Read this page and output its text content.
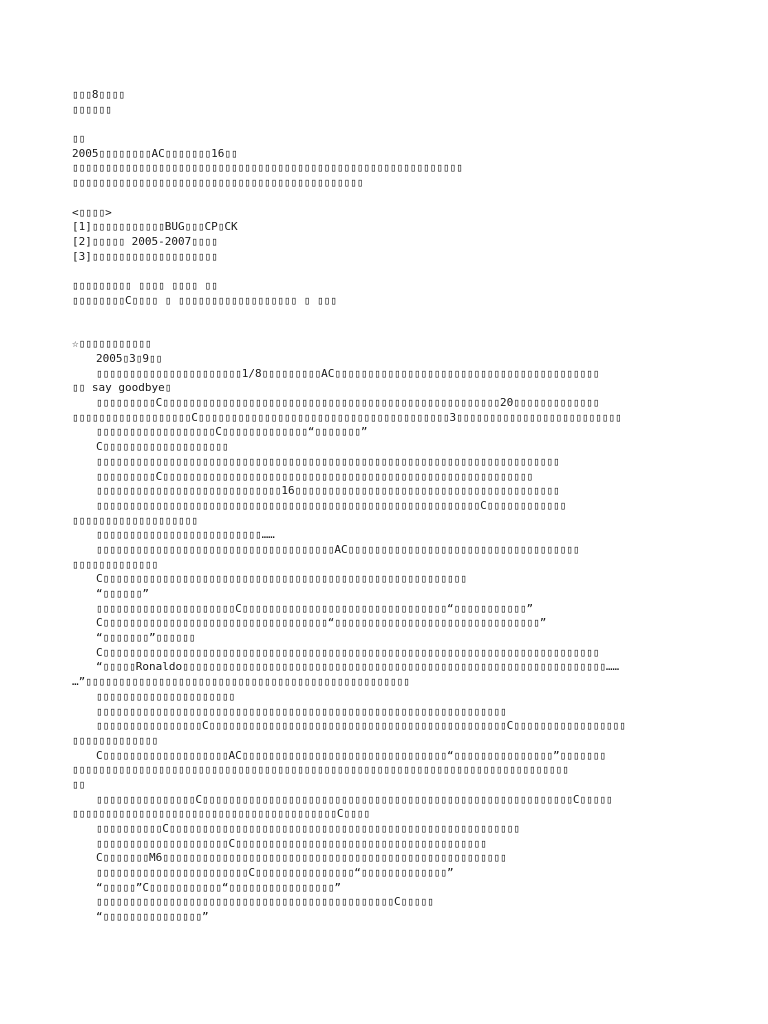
▯▯▯8▯▯▯▯
▯▯▯▯▯▯
▯▯
2005▯▯▯▯▯▯▯▯AC▯▯▯▯▯▯▯16▯▯
▯▯▯▯▯▯▯▯▯▯▯▯▯▯▯▯▯▯▯▯▯▯▯▯▯▯▯▯▯▯▯▯▯▯▯▯▯▯▯▯▯▯▯▯▯▯▯▯▯▯▯▯▯▯▯▯▯▯▯
▯▯▯▯▯▯▯▯▯▯▯▯▯▯▯▯▯▯▯▯▯▯▯▯▯▯▯▯▯▯▯▯▯▯▯▯▯▯▯▯▯▯▯▯
<▯▯▯▯>
[1]▯▯▯▯▯▯▯▯▯▯▯BUG▯▯▯CP▯CK
[2]▯▯▯▯▯ 2005-2007▯▯▯▯
[3]▯▯▯▯▯▯▯▯▯▯▯▯▯▯▯▯▯▯▯
▯▯▯▯▯▯▯▯▯ ▯▯▯▯ ▯▯▯▯ ▯▯
▯▯▯▯▯▯▯▯C▯▯▯▯ ▯ ▯▯▯▯▯▯▯▯▯▯▯▯▯▯▯▯▯▯ ▯ ▯▯▯
☆▯▯▯▯▯▯▯▯▯▯▯
2005▯3▯9▯▯
▯▯▯▯▯▯▯▯▯▯▯▯▯▯▯▯▯▯▯▯▯▯1/8▯▯▯▯▯▯▯▯▯AC▯▯▯▯▯▯▯▯▯▯▯▯▯▯▯▯▯▯▯▯▯▯▯▯▯▯▯▯▯▯▯▯▯▯▯▯▯▯▯▯
▯▯ say goodbye▯
▯▯▯▯▯▯▯▯▯C▯▯▯▯▯▯▯▯▯▯▯▯▯▯▯▯▯▯▯▯▯▯▯▯▯▯▯▯▯▯▯▯▯▯▯▯▯▯▯▯▯▯▯▯▯▯▯▯▯▯▯20▯▯▯▯▯▯▯▯▯▯▯▯▯
▯▯▯▯▯▯▯▯▯▯▯▯▯▯▯▯▯▯C▯▯▯▯▯▯▯▯▯▯▯▯▯▯▯▯▯▯▯▯▯▯▯▯▯▯▯▯▯▯▯▯▯▯▯▯▯▯3▯▯▯▯▯▯▯▯▯▯▯▯▯▯▯▯▯▯▯▯▯▯▯▯▯
▯▯▯▯▯▯▯▯▯▯▯▯▯▯▯▯▯▯C▯▯▯▯▯▯▯▯▯▯▯▯▯“▯▯▯▯▯▯▯”
C▯▯▯▯▯▯▯▯▯▯▯▯▯▯▯▯▯▯▯
▯▯▯▯▯▯▯▯▯▯▯▯▯▯▯▯▯▯▯▯▯▯▯▯▯▯▯▯▯▯▯▯▯▯▯▯▯▯▯▯▯▯▯▯▯▯▯▯▯▯▯▯▯▯▯▯▯▯▯▯▯▯▯▯▯▯▯▯▯▯
▯▯▯▯▯▯▯▯▯C▯▯▯▯▯▯▯▯▯▯▯▯▯▯▯▯▯▯▯▯▯▯▯▯▯▯▯▯▯▯▯▯▯▯▯▯▯▯▯▯▯▯▯▯▯▯▯▯▯▯▯▯▯▯▯▯
▯▯▯▯▯▯▯▯▯▯▯▯▯▯▯▯▯▯▯▯▯▯▯▯▯▯▯▯16▯▯▯▯▯▯▯▯▯▯▯▯▯▯▯▯▯▯▯▯▯▯▯▯▯▯▯▯▯▯▯▯▯▯▯▯▯▯▯▯
▯▯▯▯▯▯▯▯▯▯▯▯▯▯▯▯▯▯▯▯▯▯▯▯▯▯▯▯▯▯▯▯▯▯▯▯▯▯▯▯▯▯▯▯▯▯▯▯▯▯▯▯▯▯▯▯▯▯C▯▯▯▯▯▯▯▯▯▯▯▯
▯▯▯▯▯▯▯▯▯▯▯▯▯▯▯▯▯▯▯
▯▯▯▯▯▯▯▯▯▯▯▯▯▯▯▯▯▯▯▯▯▯▯▯▯……
▯▯▯▯▯▯▯▯▯▯▯▯▯▯▯▯▯▯▯▯▯▯▯▯▯▯▯▯▯▯▯▯▯▯▯▯AC▯▯▯▯▯▯▯▯▯▯▯▯▯▯▯▯▯▯▯▯▯▯▯▯▯▯▯▯▯▯▯▯▯▯▯
▯▯▯▯▯▯▯▯▯▯▯▯▯
C▯▯▯▯▯▯▯▯▯▯▯▯▯▯▯▯▯▯▯▯▯▯▯▯▯▯▯▯▯▯▯▯▯▯▯▯▯▯▯▯▯▯▯▯▯▯▯▯▯▯▯▯▯▯▯
“▯▯▯▯▯▯”
▯▯▯▯▯▯▯▯▯▯▯▯▯▯▯▯▯▯▯▯▯C▯▯▯▯▯▯▯▯▯▯▯▯▯▯▯▯▯▯▯▯▯▯▯▯▯▯▯▯▯▯▯“▯▯▯▯▯▯▯▯▯▯▯”
C▯▯▯▯▯▯▯▯▯▯▯▯▯▯▯▯▯▯▯▯▯▯▯▯▯▯▯▯▯▯▯▯▯▯“▯▯▯▯▯▯▯▯▯▯▯▯▯▯▯▯▯▯▯▯▯▯▯▯▯▯▯▯▯▯▯”
“▯▯▯▯▯▯▯”▯▯▯▯▯▯
C▯▯▯▯▯▯▯▯▯▯▯▯▯▯▯▯▯▯▯▯▯▯▯▯▯▯▯▯▯▯▯▯▯▯▯▯▯▯▯▯▯▯▯▯▯▯▯▯▯▯▯▯▯▯▯▯▯▯▯▯▯▯▯▯▯▯▯▯▯▯▯▯▯▯▯
“▯▯▯▯▯Ronaldo▯▯▯▯▯▯▯▯▯▯▯▯▯▯▯▯▯▯▯▯▯▯▯▯▯▯▯▯▯▯▯▯▯▯▯▯▯▯▯▯▯▯▯▯▯▯▯▯▯▯▯▯▯▯▯▯▯▯▯▯▯▯▯▯……
…”▯▯▯▯▯▯▯▯▯▯▯▯▯▯▯▯▯▯▯▯▯▯▯▯▯▯▯▯▯▯▯▯▯▯▯▯▯▯▯▯▯▯▯▯▯▯▯▯▯
▯▯▯▯▯▯▯▯▯▯▯▯▯▯▯▯▯▯▯▯▯
▯▯▯▯▯▯▯▯▯▯▯▯▯▯▯▯▯▯▯▯▯▯▯▯▯▯▯▯▯▯▯▯▯▯▯▯▯▯▯▯▯▯▯▯▯▯▯▯▯▯▯▯▯▯▯▯▯▯▯▯▯▯
▯▯▯▯▯▯▯▯▯▯▯▯▯▯▯▯C▯▯▯▯▯▯▯▯▯▯▯▯▯▯▯▯▯▯▯▯▯▯▯▯▯▯▯▯▯▯▯▯▯▯▯▯▯▯▯▯▯▯▯▯▯C▯▯▯▯▯▯▯▯▯▯▯▯▯▯▯▯▯
▯▯▯▯▯▯▯▯▯▯▯▯▯
C▯▯▯▯▯▯▯▯▯▯▯▯▯▯▯▯▯▯▯AC▯▯▯▯▯▯▯▯▯▯▯▯▯▯▯▯▯▯▯▯▯▯▯▯▯▯▯▯▯▯▯“▯▯▯▯▯▯▯▯▯▯▯▯▯▯▯”▯▯▯▯▯▯▯
▯▯▯▯▯▯▯▯▯▯▯▯▯▯▯▯▯▯▯▯▯▯▯▯▯▯▯▯▯▯▯▯▯▯▯▯▯▯▯▯▯▯▯▯▯▯▯▯▯▯▯▯▯▯▯▯▯▯▯▯▯▯▯▯▯▯▯▯▯▯▯▯▯▯▯
▯▯
▯▯▯▯▯▯▯▯▯▯▯▯▯▯▯C▯▯▯▯▯▯▯▯▯▯▯▯▯▯▯▯▯▯▯▯▯▯▯▯▯▯▯▯▯▯▯▯▯▯▯▯▯▯▯▯▯▯▯▯▯▯▯▯▯▯▯▯▯▯▯▯C▯▯▯▯▯
▯▯▯▯▯▯▯▯▯▯▯▯▯▯▯▯▯▯▯▯▯▯▯▯▯▯▯▯▯▯▯▯▯▯▯▯▯▯▯▯C▯▯▯▯
▯▯▯▯▯▯▯▯▯▯C▯▯▯▯▯▯▯▯▯▯▯▯▯▯▯▯▯▯▯▯▯▯▯▯▯▯▯▯▯▯▯▯▯▯▯▯▯▯▯▯▯▯▯▯▯▯▯▯▯▯▯▯▯
▯▯▯▯▯▯▯▯▯▯▯▯▯▯▯▯▯▯▯▯C▯▯▯▯▯▯▯▯▯▯▯▯▯▯▯▯▯▯▯▯▯▯▯▯▯▯▯▯▯▯▯▯▯▯▯▯▯▯
C▯▯▯▯▯▯▯M6▯▯▯▯▯▯▯▯▯▯▯▯▯▯▯▯▯▯▯▯▯▯▯▯▯▯▯▯▯▯▯▯▯▯▯▯▯▯▯▯▯▯▯▯▯▯▯▯▯▯▯▯
▯▯▯▯▯▯▯▯▯▯▯▯▯▯▯▯▯▯▯▯▯▯▯C▯▯▯▯▯▯▯▯▯▯▯▯▯▯▯“▯▯▯▯▯▯▯▯▯▯▯▯▯”
“▯▯▯▯▯”C▯▯▯▯▯▯▯▯▯▯▯“▯▯▯▯▯▯▯▯▯▯▯▯▯▯▯▯”
▯▯▯▯▯▯▯▯▯▯▯▯▯▯▯▯▯▯▯▯▯▯▯▯▯▯▯▯▯▯▯▯▯▯▯▯▯▯▯▯▯▯▯▯▯C▯▯▯▯▯
“▯▯▯▯▯▯▯▯▯▯▯▯▯▯▯”
